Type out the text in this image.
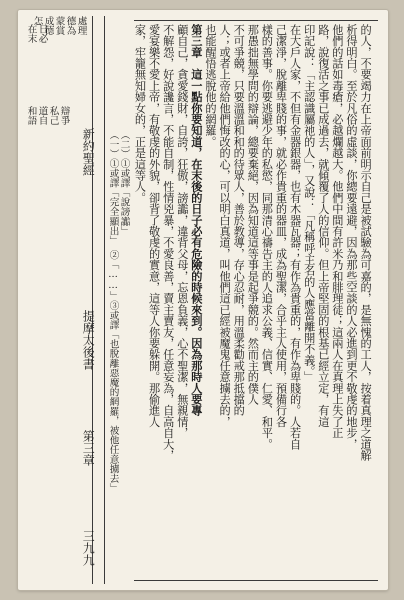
怎 成德 蒙賞 德為 處理
和語 道自 私己 辯爭
在末 日必
新約聖經
提摩太後書
第三章
三九九
（一）①或譯「完全顯出」　②「……」③或譯「也脫離惡魔的網羅，被他任意擄去」 （二）①或譯「說謗讟」	的人，不要竭力在上帝面前明示自己是被試驗為可嘉的，是無愧的工人，按着真理之道解
析得明白。至於凡俗的虛談，你總要遠避，因為那些空談的人必進到更不敬虔的地步，
他們的話如毒瘡，必越爛越大。他們中間有許米乃和腓理徒；這兩人在真理上失了正
路，說復活之事已成過去，就傾覆了人的信仰。但上帝堅固的根基已經立定，有這
印記說：「主認識屬祂的人」，又說：「凡稱呼主名的人應當離開不義。」
在大戶人家，不但有金器銀器，也有木器瓦器；有作為貴重的，有作為卑賤的。人若自
己潔淨，脫離卑賤的事，就必作貴重的器皿，成為聖潔，合乎主人使用，預備行各
樣的善事。你要逃避少年的私慾，同那清心禱告主的人追求公義、信實、仁愛、和平。
那愚拙無學問的辯論，總要棄絕，因為知道這等事是起爭競的。然而主的僕人
不可爭競，只要溫溫和和的待眾人，善於教導，存心忍耐，用溫柔勸戒那抵擋的
人；或者上帝給他們悔改的心，可以明白真道，叫他們這已經被魔鬼任意擄去的，
也能醒悟逃脫他的網羅。
第三章　這一點你要知道，在末後的日子必有危險的時候來到。因為那時人要專
顧自己，貪愛錢財，自誇，狂傲，謗讟，違背父母，忘恩負義，心不聖潔，無親情，
不解怨，好說讒言，不能自制，性情兇暴，不愛良善，賣主賣友，任意妄為，自高自大，
愛宴樂不愛上帝，有敬虔的外貌，卻背了敬虔的實意，這等人你要躲開。那偷進人
家，牢籠無知婦女的，正是這等人。
